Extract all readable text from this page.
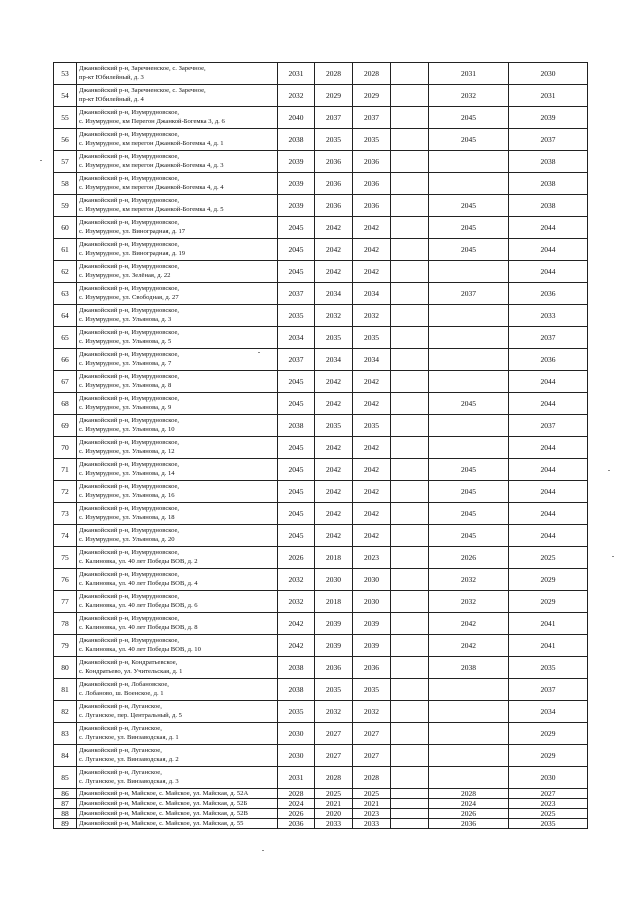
53	Джанкойский р-н, Заречненское, с. Заречное,
пр-кт Юбилейный, д. 3	2031	2028	2028		2031	2030
54	Джанкойский р-н, Заречненское, с. Заречное,
пр-кт Юбилейный, д. 4	2032	2029	2029		2032	2031
55	Джанкойский р-н, Изумрудновское,
с. Изумрудное, км Перегон Джанкой-Богемка 3, д. 6	2040	2037	2037		2045	2039
56	Джанкойский р-н, Изумрудновское,
с. Изумрудное, км перегон Джанкой-Богемка 4, д. 1	2038	2035	2035		2045	2037
57	Джанкойский р-н, Изумрудновское,
с. Изумрудное, км перегон Джанкой-Богемка 4, д. 3	2039	2036	2036			2038
58	Джанкойский р-н, Изумрудновское,
с. Изумрудное, км перегон Джанкой-Богемка 4, д. 4	2039	2036	2036			2038
59	Джанкойский р-н, Изумрудновское,
с. Изумрудное, км перегон Джанкой-Богемка 4, д. 5	2039	2036	2036		2045	2038
60	Джанкойский р-н, Изумрудновское,
с. Изумрудное, ул. Виноградная, д. 17	2045	2042	2042		2045	2044
61	Джанкойский р-н, Изумрудновское,
с. Изумрудное, ул. Виноградная, д. 19	2045	2042	2042		2045	2044
62	Джанкойский р-н, Изумрудновское,
с. Изумрудное, ул. Зелёная, д. 22	2045	2042	2042			2044
63	Джанкойский р-н, Изумрудновское,
с. Изумрудное, ул. Свободная, д. 27	2037	2034	2034		2037	2036
64	Джанкойский р-н, Изумрудновское,
с. Изумрудное, ул. Ульянова, д. 3	2035	2032	2032			2033
65	Джанкойский р-н, Изумрудновское,
с. Изумрудное, ул. Ульянова, д. 5	2034	2035	2035			2037
66	Джанкойский р-н, Изумрудновское,
с. Изумрудное, ул. Ульянова, д. 7	2037	2034	2034			2036
67	Джанкойский р-н, Изумрудновское,
с. Изумрудное, ул. Ульянова, д. 8	2045	2042	2042			2044
68	Джанкойский р-н, Изумрудновское,
с. Изумрудное, ул. Ульянова, д. 9	2045	2042	2042		2045	2044
69	Джанкойский р-н, Изумрудновское,
с. Изумрудное, ул. Ульянова, д. 10	2038	2035	2035			2037
70	Джанкойский р-н, Изумрудновское,
с. Изумрудное, ул. Ульянова, д. 12	2045	2042	2042			2044
71	Джанкойский р-н, Изумрудновское,
с. Изумрудное, ул. Ульянова, д. 14	2045	2042	2042		2045	2044
72	Джанкойский р-н, Изумрудновское,
с. Изумрудное, ул. Ульянова, д. 16	2045	2042	2042		2045	2044
73	Джанкойский р-н, Изумрудновское,
с. Изумрудное, ул. Ульянова, д. 18	2045	2042	2042		2045	2044
74	Джанкойский р-н, Изумрудновское,
с. Изумрудное, ул. Ульянова, д. 20	2045	2042	2042		2045	2044
75	Джанкойский р-н, Изумрудновское,
с. Калиновка, ул. 40 лет Победы ВОВ, д. 2	2026	2018	2023		2026	2025
76	Джанкойский р-н, Изумрудновское,
с. Калиновка, ул. 40 лет Победы ВОВ, д. 4	2032	2030	2030		2032	2029
77	Джанкойский р-н, Изумрудновское,
с. Калиновка, ул. 40 лет Победы ВОВ, д. 6	2032	2018	2030		2032	2029
78	Джанкойский р-н, Изумрудновское,
с. Калиновка, ул. 40 лет Победы ВОВ, д. 8	2042	2039	2039		2042	2041
79	Джанкойский р-н, Изумрудновское,
с. Калиновка, ул. 40 лет Победы ВОВ, д. 10	2042	2039	2039		2042	2041
80	Джанкойский р-н, Кондратьевское,
с. Кондратьево, ул. Учительская, д. 1	2038	2036	2036		2038	2035
81	Джанкойский р-н, Лобановское,
с. Лобаново, ш. Военское, д. 1	2038	2035	2035			2037
82	Джанкойский р-н, Луганское,
с. Луганское, пер. Центральный, д. 5	2035	2032	2032			2034
83	Джанкойский р-н, Луганское,
с. Луганское, ул. Винзаводская, д. 1	2030	2027	2027			2029
84	Джанкойский р-н, Луганское,
с. Луганское, ул. Винзаводская, д. 2	2030	2027	2027			2029
85	Джанкойский р-н, Луганское,
с. Луганское, ул. Винзаводская, д. 3	2031	2028	2028			2030
86	Джанкойский р-н, Майское, с. Майское, ул. Майская, д. 52А	2028	2025	2025		2028	2027
87	Джанкойский р-н, Майское, с. Майское, ул. Майская, д. 52Б	2024	2021	2021		2024	2023
88	Джанкойский р-н, Майское, с. Майское, ул. Майская, д. 52В	2026	2020	2023		2026	2025
89	Джанкойский р-н, Майское, с. Майское, ул. Майская, д. 55	2036	2033	2033		2036	2035
